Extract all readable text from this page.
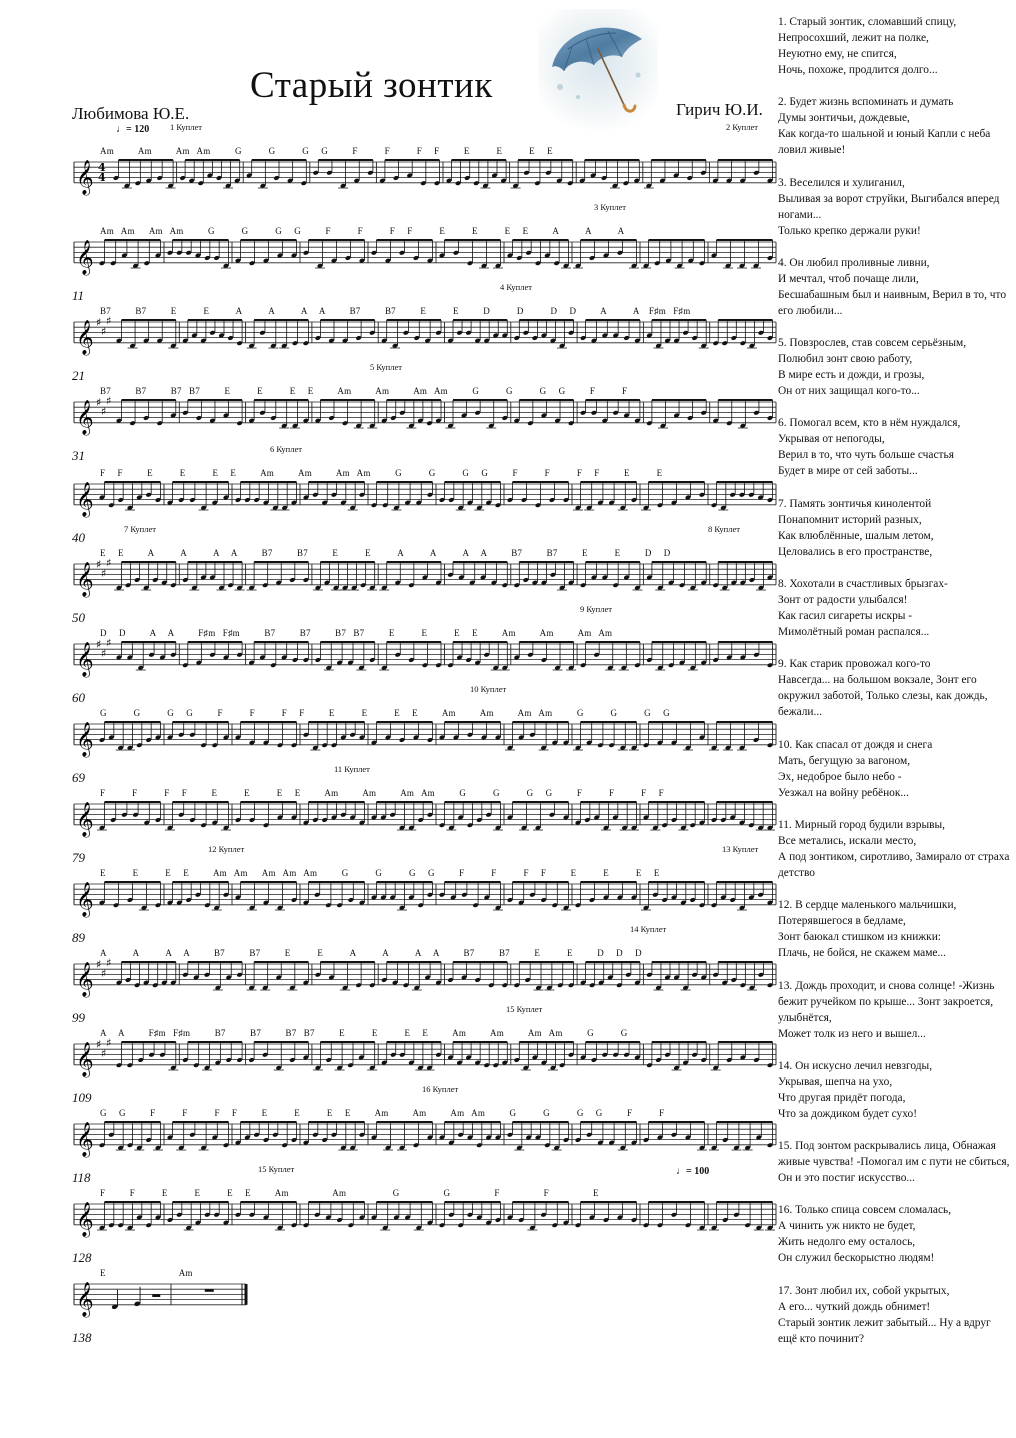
Старый зонтик
Любимова Ю.Е.	Гирич Ю.И.
Am          Am          Am   Am          G           G           G     G          F           F           F     F          E           E           E     E
1 Куплет	2 Куплет
♩= 120
𝄞 4
4
11
Am   Am      Am   Am          G           G           G     G          F           F           F     F           E           E           E     E          A           A           A
3 Куплет
𝄞
21
B7          B7          E           E           A           A           A     A          B7          B7          E           E          D           D           D     D          A           A    F♯m   F♯m
4 Куплет
𝄞 ♯
♯
♯
31
B7          B7          B7   B7          E           E           E     E          Am          Am          Am   Am          G           G           G     G          F           F
5 Куплет
𝄞 ♯
♯
♯
40
F     F          E           E           E     E          Am          Am          Am   Am          G           G           G     G          F           F           F     F          E           E
6 Куплет
𝄞
50
E     E          A           A           A     A          B7          B7          E           E           A           A           A     A          B7          B7          E           E          D     D
7 Куплет	8 Куплет
𝄞 ♯
♯
♯
60
D     D          A     A          F♯m   F♯m          B7          B7          B7   B7          E           E           E     E          Am          Am          Am   Am
9 Куплет
𝄞 ♯
♯
♯
69
G           G           G     G          F           F           F     F          E           E           E     E          Am          Am          Am   Am          G           G           G     G
10 Куплет
𝄞
79
F           F           F     F          E           E           E     E          Am          Am          Am   Am          G           G           G     G          F           F           F     F
11 Куплет
𝄞
89
E           E           E     E          Am   Am      Am   Am   Am          G           G           G     G          F           F           F     F          E           E           E     E
12 Куплет	13 Куплет
𝄞
99
A           A           A     A          B7          B7          E           E           A           A           A     A          B7          B7          E           E          D     D     D
14 Куплет
𝄞 ♯
♯
♯
109
A     A          F♯m   F♯m          B7          B7          B7   B7          E           E           E     E          Am          Am          Am   Am          G           G
15 Куплет
𝄞 ♯
♯
♯
118
G     G          F           F           F     F          E           E           E     E          Am          Am          Am   Am          G           G           G     G          F           F
16 Куплет
𝄞
128
F          F           E           E           E     E          Am                  Am                   G                  G                  F                  F                  E
15 Куплет	♩= 100
𝄞
138
E                              Am
𝄞
1. Старый зонтик, сломавший спицу,
Непросохший, лежит на полке,
Неуютно ему, не спится,
Ночь, похоже, продлится долго...
2. Будет жизнь вспоминать и думать
Думы зонтичьи, дождевые,
Как когда-то шальной и юный Капли с неба ловил живые!
3. Веселился и хулиганил,
Выливая за ворот струйки, Выгибался вперед ногами...
Только крепко держали руки!
4. Он любил проливные ливни,
И мечтал, чтоб почаще лили,
Бесшабашным был и наивным, Верил в то, что его любили...
5. Повзрослев, став совсем серьёзным,
Полюбил зонт свою работу,
В мире есть и дожди, и грозы,
Он от них защищал кого-то...
6. Помогал всем, кто в нём нуждался,
Укрывая от непогоды,
Верил в то, что чуть больше счастья
Будет в мире от сей заботы...
7. Память зонтичья кинолентой
Понапомнит историй разных,
Как влюблённые, шалым летом,
Целовались в его пространстве,
8. Хохотали в счастливых брызгах-
Зонт от радости улыбался!
Как гасил сигареты искры -
Мимолётный роман распался...
9. Как старик провожал кого-то
Навсегда... на большом вокзале, Зонт его окружил заботой, Только слезы, как дождь, бежали...
10. Как спасал от дождя и снега
Мать, бегущую за вагоном,
Эх, недоброе было небо -
Уезжал на войну ребёнок...
11. Мирный город будили взрывы,
Все метались, искали место,
А под зонтиком, сиротливо, Замирало от страха детство
12. В сердце маленького мальчишки,
Потерявшегося в бедламе,
Зонт баюкал стишком из книжки:
Плачь, не бойся, не скажем маме...
13. Дождь проходит, и снова солнце! -Жизнь бежит ручейком по крыше... Зонт закроется, улыбнётся,
Может толк из него и вышел...
14. Он искусно лечил невзгоды,
Укрывая, шепча на ухо,
Что другая придёт погода,
Что за дождиком будет сухо!
15. Под зонтом раскрывались лица, Обнажая живые чувства! -Помогал им с пути не сбиться,
Он и это постиг искусство...
16. Только спица совсем сломалась,
А чинить уж никто не будет,
Жить недолго ему осталось,
Он служил бескорыстно людям!
17. Зонт любил их, собой укрытых,
А его... чуткий дождь обнимет!
Старый зонтик лежит забытый... Ну а вдруг ещё кто починит?
